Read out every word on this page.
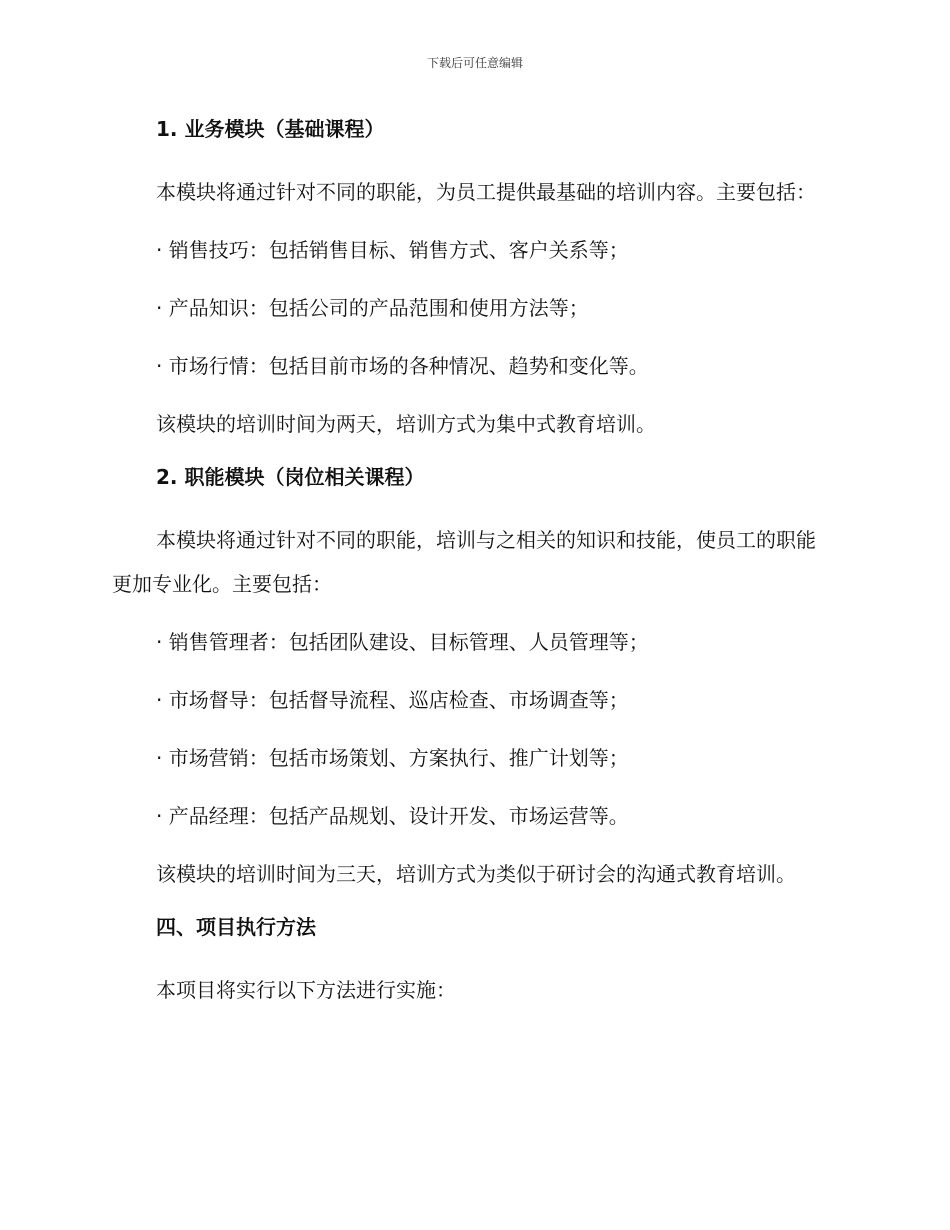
下载后可任意编辑

1. 业务模块（基础课程）

本模块将通过针对不同的职能，为员工提供最基础的培训内容。主要包括：

· 销售技巧：包括销售目标、销售方式、客户关系等；

· 产品知识：包括公司的产品范围和使用方法等；

· 市场行情：包括目前市场的各种情况、趋势和变化等。

该模块的培训时间为两天，培训方式为集中式教育培训。

2. 职能模块（岗位相关课程）

本模块将通过针对不同的职能，培训与之相关的知识和技能，使员工的职能更加专业化。主要包括：

· 销售管理者：包括团队建设、目标管理、人员管理等；

· 市场督导：包括督导流程、巡店检查、市场调查等；

· 市场营销：包括市场策划、方案执行、推广计划等；

· 产品经理：包括产品规划、设计开发、市场运营等。

该模块的培训时间为三天，培训方式为类似于研讨会的沟通式教育培训。

四、项目执行方法

本项目将实行以下方法进行实施：
